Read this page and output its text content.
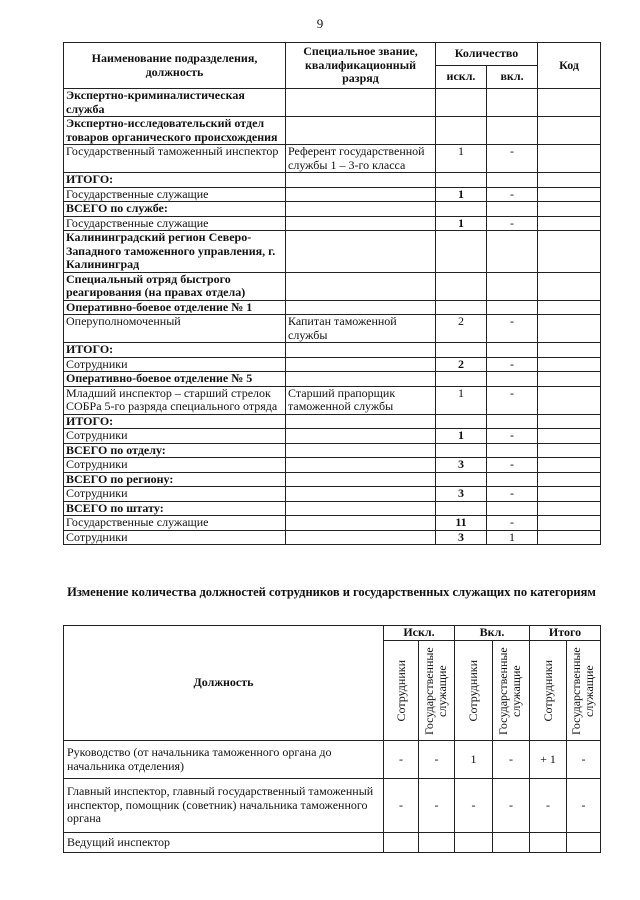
9
Наименование подразделения, должность	Специальное звание, квалификационный разряд	Количество		Код
		искл.	вкл.	
Экспертно-криминалистическая служба				
Экспертно-исследовательский отдел товаров органического происхождения				
Государственный таможенный инспектор	Референт государственной службы 1 – 3-го класса	1	-	
ИТОГО:				
Государственные служащие		1	-	
ВСЕГО по службе:				
Государственные служащие		1	-	
Калининградский регион Северо-Западного таможенного управления, г. Калининград				
Специальный отряд быстрого реагирования (на правах отдела)				
Оперативно-боевое отделение № 1				
Оперуполномоченный	Капитан таможенной службы	2	-	
ИТОГО:				
Сотрудники		2	-	
Оперативно-боевое отделение № 5				
Младший инспектор – старший стрелок СОБРа 5-го разряда специального отряда	Старший прапорщик таможенной службы	1	-	
ИТОГО:				
Сотрудники		1	-	
ВСЕГО по отделу:				
Сотрудники		3	-	
ВСЕГО по региону:				
Сотрудники		3	-	
ВСЕГО по штату:				
Государственные служащие		11	-	
Сотрудники		3	1	
Изменение количества должностей сотрудников и государственных служащих по категориям
Должность	Искл.		Вкл.		Итого	

	Сотрудники	Государственные служащие	Сотрудники	Государственные служащие	Сотрудники	Государственные служащие

Руководство (от начальника таможенного органа до начальника отделения)	-	-	1	-	+ 1	-
Главный инспектор, главный государственный таможенный инспектор, помощник (советник) начальника таможенного органа	-	-	-	-	-	-
Ведущий инспектор						
